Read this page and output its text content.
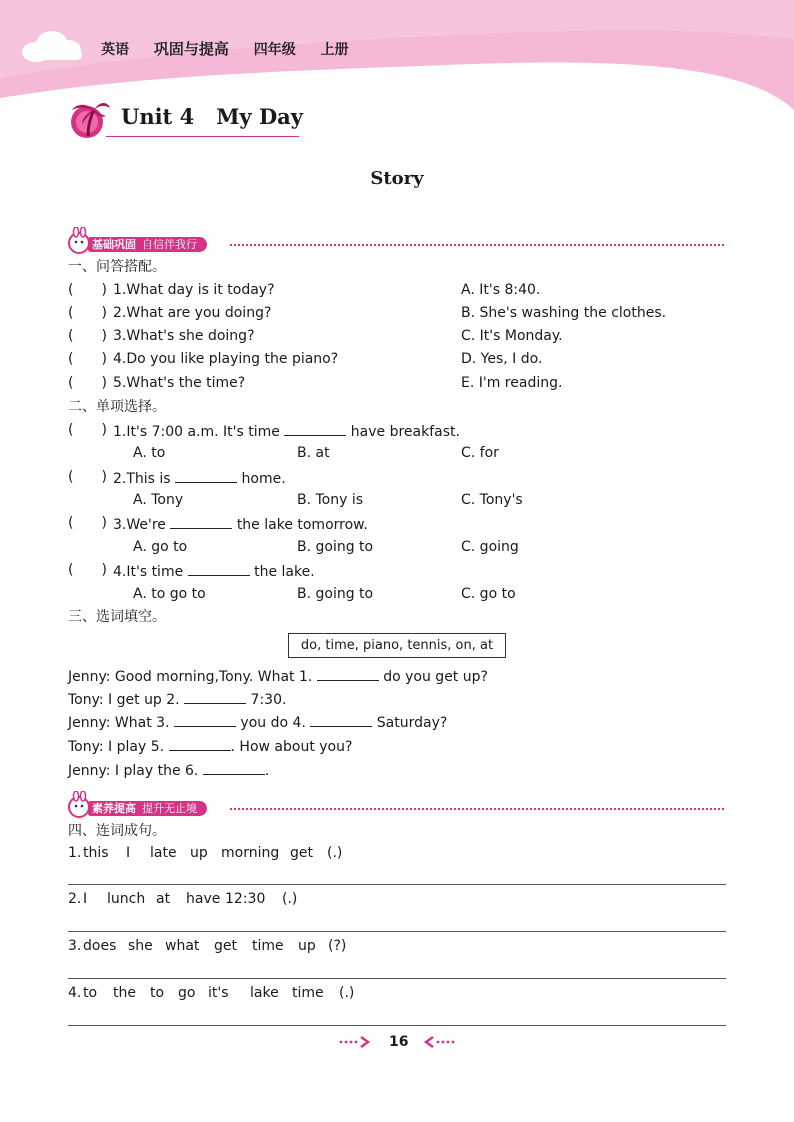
英语 巩固与提高 四年级 上册
Unit 4 My Day
Story
基础巩固 自信伴我行
一、问答搭配。
(　　) 1.What day is it today?	A. It's 8:40.
(　　) 2.What are you doing?	B. She's washing the clothes.
(　　) 3.What's she doing?	C. It's Monday.
(　　) 4.Do you like playing the piano?	D. Yes, I do.
(　　) 5.What's the time?	E. I'm reading.
二、单项选择。
(　　) 1.It's 7:00 a.m. It's time	have breakfast.
A. to	B. at	C. for
(　　) 2.This is	home.
A. Tony	B. Tony is	C. Tony's
(　　) 3.We're	the lake tomorrow.
A. go to	B. going to	C. going
(　　) 4.It's time	the lake.
A. to go to	B. going to	C. go to
三、选词填空。
do, time, piano, tennis, on, at
Jenny: Good morning,Tony. What 1.	do you get up?
Tony: I get up 2.	7:30.
Jenny: What 3.	you do 4.	Saturday?
Tony: I play 5.	. How about you?
Jenny: I play the 6.	.
素养提高 提升无止境
四、连词成句。
1. this I late up morning get (.)
2. I lunch at have 12:30 (.)
3. does she what get time up (?)
4. to the to go it's lake time (.)
16
